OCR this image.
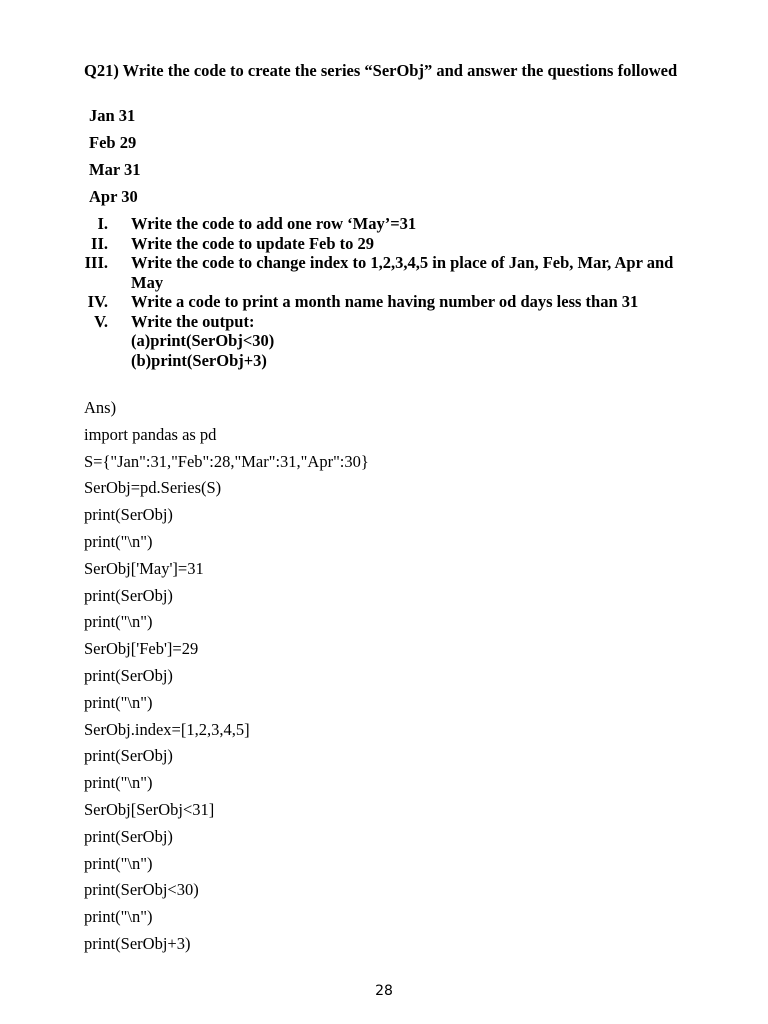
Q21) Write the code to create the series “SerObj” and answer the questions followed
Jan 31
Feb 29
Mar 31
Apr 30
I. Write the code to add one row ‘May’=31
II. Write the code to update Feb to 29
III. Write the code to change index to 1,2,3,4,5 in place of Jan, Feb, Mar, Apr and May
IV. Write a code to print a month name having number od days less than 31
V. Write the output:
(a)print(SerObj<30)
(b)print(SerObj+3)
Ans)
import pandas as pd
S={"Jan":31,"Feb":28,"Mar":31,"Apr":30}
SerObj=pd.Series(S)
print(SerObj)
print("\n")
SerObj['May']=31
print(SerObj)
print("\n")
SerObj['Feb']=29
print(SerObj)
print("\n")
SerObj.index=[1,2,3,4,5]
print(SerObj)
print("\n")
SerObj[SerObj<31]
print(SerObj)
print("\n")
print(SerObj<30)
print("\n")
print(SerObj+3)
28
